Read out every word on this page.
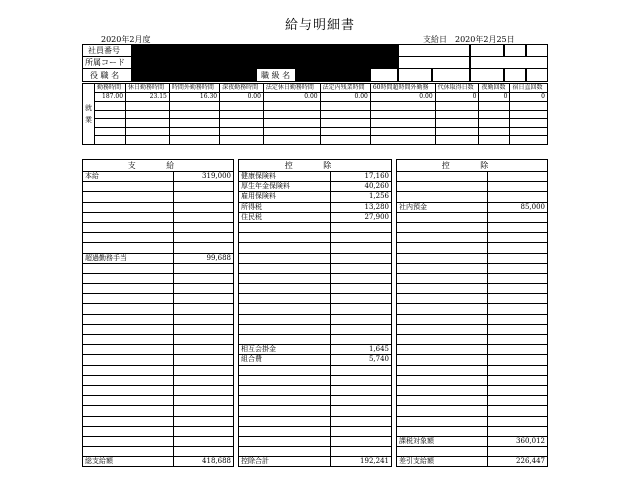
給与明細書
2020年2月度	支給日 2020年2月25日
社員番号
所属コード
役 職 名	職 級 名
就 業	勤務時間	休日勤務時間	時間外勤務時間	深夜勤務時間	法定休日勤務時間	法定内残業時間	60時間超時間外勤務	代休取得日数	夜勤回数	宿日直回数
	187.00	23.15	16.30	0.00	0.00	0.00	0.00	0	0	0

支 給
本給	319,000

超過勤務手当	99,688

総支給額	418,688
控 除
健康保険料	17,160
厚生年金保険料	40,260
雇用保険料	1,256
所得税	13,280
住民税	27,900

相互会掛金	1,645
組合費	5,740

控除合計	192,241
控 除

社内預金	85,000

課税対象額	360,012

差引支給額	226,447
